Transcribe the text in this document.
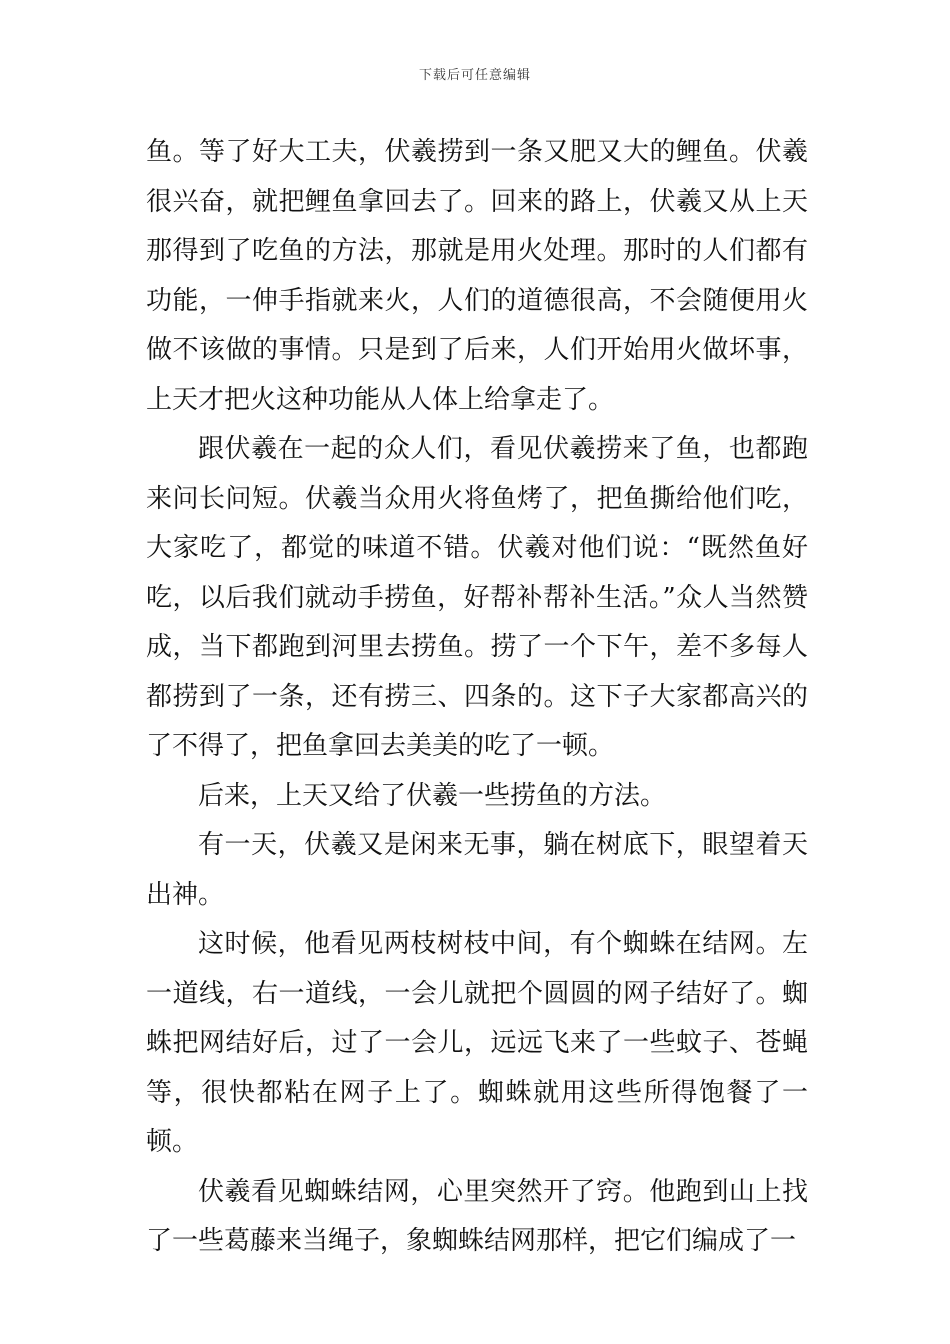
下载后可任意编辑

鱼。等了好大工夫，伏羲捞到一条又肥又大的鲤鱼。伏羲很兴奋，就把鲤鱼拿回去了。回来的路上，伏羲又从上天那得到了吃鱼的方法，那就是用火处理。那时的人们都有功能，一伸手指就来火，人们的道德很高，不会随便用火做不该做的事情。只是到了后来，人们开始用火做坏事，上天才把火这种功能从人体上给拿走了。

跟伏羲在一起的众人们，看见伏羲捞来了鱼，也都跑来问长问短。伏羲当众用火将鱼烤了，把鱼撕给他们吃，大家吃了，都觉的味道不错。伏羲对他们说：“既然鱼好吃，以后我们就动手捞鱼，好帮补帮补生活。”众人当然赞成，当下都跑到河里去捞鱼。捞了一个下午，差不多每人都捞到了一条，还有捞三、四条的。这下子大家都高兴的了不得了，把鱼拿回去美美的吃了一顿。

后来，上天又给了伏羲一些捞鱼的方法。

有一天，伏羲又是闲来无事，躺在树底下，眼望着天出神。

这时候，他看见两枝树枝中间，有个蜘蛛在结网。左一道线，右一道线，一会儿就把个圆圆的网子结好了。蜘蛛把网结好后，过了一会儿，远远飞来了一些蚊子、苍蝇等，很快都粘在网子上了。蜘蛛就用这些所得饱餐了一顿。

伏羲看见蜘蛛结网，心里突然开了窍。他跑到山上找了一些葛藤来当绳子，象蜘蛛结网那样，把它们编成了一
